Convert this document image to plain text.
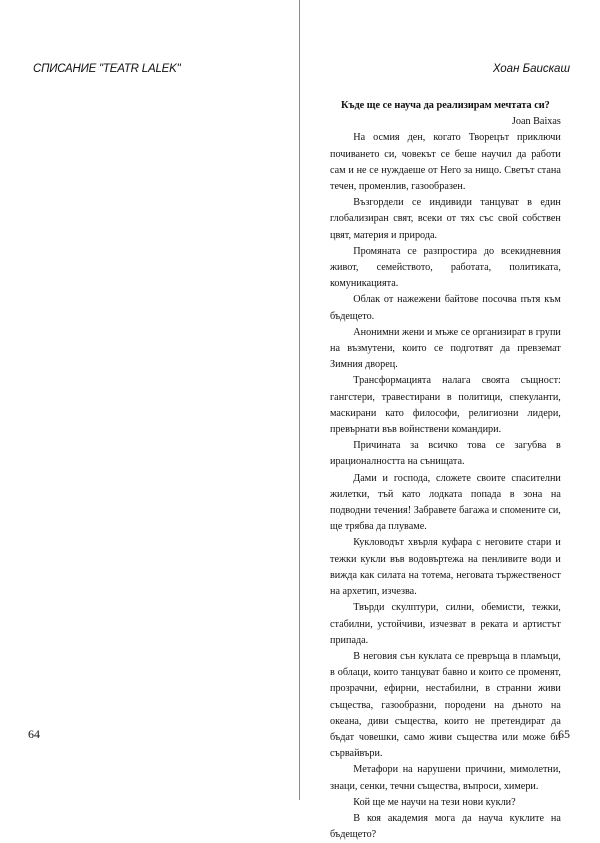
СПИСАНИЕ "TEATR LALEK"
64
Хоан Баискаш

Къде ще се науча да реализирам мечтата си?

Joan Baixas

На осмия ден, когато Творецът приключи почиването си, човекът се беше научил да работи сам и не се нуждаеше от Него за нищо. Светът стана течен, променлив, газообразен.

Възгордели се индивиди танцуват в един глобализиран свят, всеки от тях със свой собствен цвят, материя и природа.

Промяната се разпростира до всекидневния живот, семейството, работата, политиката, комуникацията.

Облак от нажежени байтове посочва пътя към бъдещето.

Анонимни жени и мъже се организират в групи на възмутени, които се подготвят да превземат Зимния дворец.

Трансформацията налага своята същност: гангстери, травестирани в политици, спекуланти, маскирани като философи, религиозни лидери, превърнати във войнствени командири.

Причината за всичко това се загубва в ирационалността на сънищата.

Дами и господа, сложете своите спасителни жилетки, тъй като лодката попада в зона на подводни течения! Забравете багажа и спомените си, ще трябва да плуваме.

Кукловодът хвърля куфара с неговите стари и тежки кукли във водовъртежа на пенливите води и вижда как силата на тотема, неговата тържественост на архетип, изчезва.

Твърди скулптури, силни, обемисти, тежки, стабилни, устойчиви, изчезват в реката и артистът припада.

В неговия сън куклата се превръща в пламъци, в облаци, които танцуват бавно и които се променят, прозрачни, ефирни, нестабилни, в странни живи същества, газообразни, породени на дъното на океана, диви същества, които не претендират да бъдат човешки, само живи същества или може би сървайвъри.

Метафори на нарушени причини, мимолетни, знаци, сенки, течни същества, въпроси, химери.

Кой ще ме научи на тези нови кукли?

В коя академия мога да науча куклите на бъдещето?

65
